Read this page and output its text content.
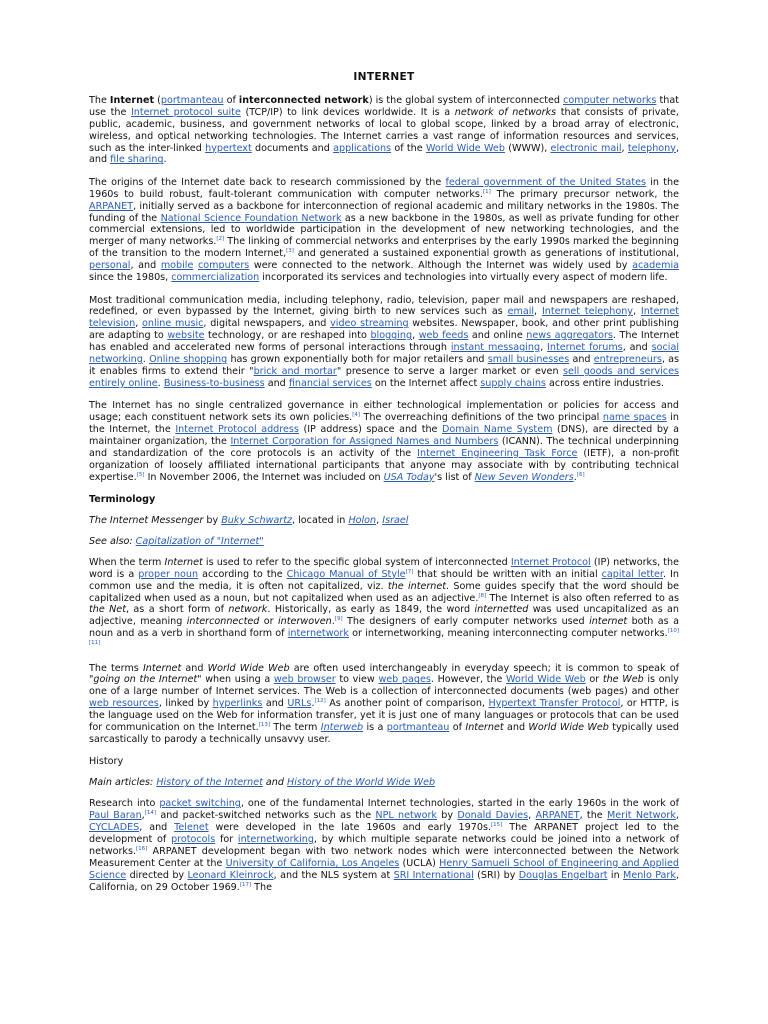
INTERNET

The Internet (portmanteau of interconnected network) is the global system of interconnected computer networks that use the Internet protocol suite (TCP/IP) to link devices worldwide. It is a network of networks that consists of private, public, academic, business, and government networks of local to global scope, linked by a broad array of electronic, wireless, and optical networking technologies. The Internet carries a vast range of information resources and services, such as the inter-linked hypertext documents and applications of the World Wide Web (WWW), electronic mail, telephony, and file sharing.

The origins of the Internet date back to research commissioned by the federal government of the United States in the 1960s to build robust, fault-tolerant communication with computer networks.[1] The primary precursor network, the ARPANET, initially served as a backbone for interconnection of regional academic and military networks in the 1980s. The funding of the National Science Foundation Network as a new backbone in the 1980s, as well as private funding for other commercial extensions, led to worldwide participation in the development of new networking technologies, and the merger of many networks.[2] The linking of commercial networks and enterprises by the early 1990s marked the beginning of the transition to the modern Internet,[3] and generated a sustained exponential growth as generations of institutional, personal, and mobile computers were connected to the network. Although the Internet was widely used by academia since the 1980s, commercialization incorporated its services and technologies into virtually every aspect of modern life.

Most traditional communication media, including telephony, radio, television, paper mail and newspapers are reshaped, redefined, or even bypassed by the Internet, giving birth to new services such as email, Internet telephony, Internet television, online music, digital newspapers, and video streaming websites. Newspaper, book, and other print publishing are adapting to website technology, or are reshaped into blogging, web feeds and online news aggregators. The Internet has enabled and accelerated new forms of personal interactions through instant messaging, Internet forums, and social networking. Online shopping has grown exponentially both for major retailers and small businesses and entrepreneurs, as it enables firms to extend their "brick and mortar" presence to serve a larger market or even sell goods and services entirely online. Business-to-business and financial services on the Internet affect supply chains across entire industries.

The Internet has no single centralized governance in either technological implementation or policies for access and usage; each constituent network sets its own policies.[4] The overreaching definitions of the two principal name spaces in the Internet, the Internet Protocol address (IP address) space and the Domain Name System (DNS), are directed by a maintainer organization, the Internet Corporation for Assigned Names and Numbers (ICANN). The technical underpinning and standardization of the core protocols is an activity of the Internet Engineering Task Force (IETF), a non-profit organization of loosely affiliated international participants that anyone may associate with by contributing technical expertise.[5] In November 2006, the Internet was included on USA Today's list of New Seven Wonders.[6]

Terminology

The Internet Messenger by Buky Schwartz, located in Holon, Israel

See also: Capitalization of "Internet"

When the term Internet is used to refer to the specific global system of interconnected Internet Protocol (IP) networks, the word is a proper noun according to the Chicago Manual of Style[7] that should be written with an initial capital letter. In common use and the media, it is often not capitalized, viz. the internet. Some guides specify that the word should be capitalized when used as a noun, but not capitalized when used as an adjective.[8] The Internet is also often referred to as the Net, as a short form of network. Historically, as early as 1849, the word internetted was used uncapitalized as an adjective, meaning interconnected or interwoven.[9] The designers of early computer networks used internet both as a noun and as a verb in shorthand form of internetwork or internetworking, meaning interconnecting computer networks.[10][11]

The terms Internet and World Wide Web are often used interchangeably in everyday speech; it is common to speak of "going on the Internet" when using a web browser to view web pages. However, the World Wide Web or the Web is only one of a large number of Internet services. The Web is a collection of interconnected documents (web pages) and other web resources, linked by hyperlinks and URLs.[12] As another point of comparison, Hypertext Transfer Protocol, or HTTP, is the language used on the Web for information transfer, yet it is just one of many languages or protocols that can be used for communication on the Internet.[13] The term Interweb is a portmanteau of Internet and World Wide Web typically used sarcastically to parody a technically unsavvy user.

History

Main articles: History of the Internet and History of the World Wide Web

Research into packet switching, one of the fundamental Internet technologies, started in the early 1960s in the work of Paul Baran,[14] and packet-switched networks such as the NPL network by Donald Davies, ARPANET, the Merit Network, CYCLADES, and Telenet were developed in the late 1960s and early 1970s.[15] The ARPANET project led to the development of protocols for internetworking, by which multiple separate networks could be joined into a network of networks.[16] ARPANET development began with two network nodes which were interconnected between the Network Measurement Center at the University of California, Los Angeles (UCLA) Henry Samueli School of Engineering and Applied Science directed by Leonard Kleinrock, and the NLS system at SRI International (SRI) by Douglas Engelbart in Menlo Park, California, on 29 October 1969.[17] The
